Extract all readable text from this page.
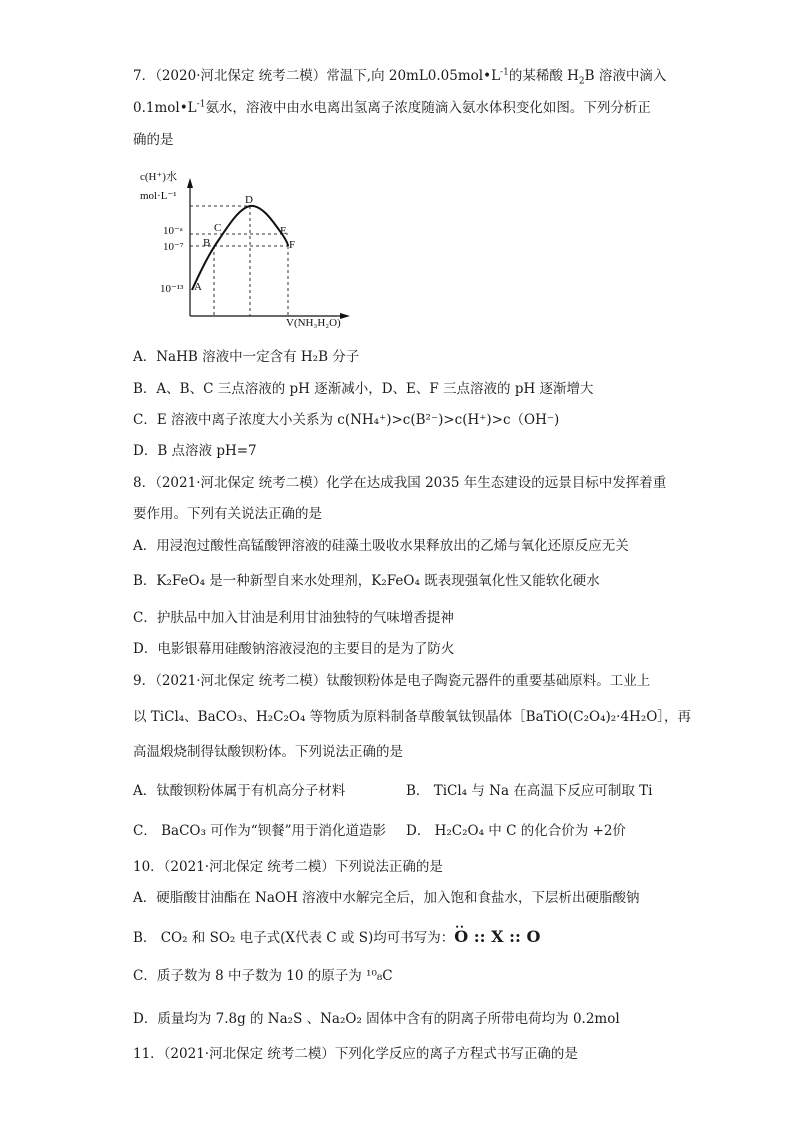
7．（2020·河北保定 统考二模）常温下,向 $20mL0.05mol•L^{-1}$的某稀酸 $H_2B$ 溶液中滴入
$0.1mol•L^{-1}$氨水，溶液中由水电离出氢离子浓度随滴入氨水体积变化如图。下列分析正
确的是
c(H⁺)水
mol·L⁻¹
10⁻ᵃ
10⁻⁷
10⁻¹³
V(NH₃H₂O)
A
B
C
D
E
F
A．NaHB 溶液中一定含有 H₂B 分子
B．A、B、C 三点溶液的 pH 逐渐减小，D、E、F 三点溶液的 pH 逐渐增大
C．E 溶液中离子浓度大小关系为 c(NH₄⁺)>c(B²⁻)>c(H⁺)>c（OH⁻)
D．B 点溶液 pH=7
8．（2021·河北保定 统考二模）化学在达成我国 2035 年生态建设的远景目标中发挥着重
要作用。下列有关说法正确的是
A．用浸泡过酸性高锰酸钾溶液的硅藻土吸收水果释放出的乙烯与氧化还原反应无关
B．K₂FeO₄ 是一种新型自来水处理剂，K₂FeO₄ 既表现强氧化性又能软化硬水
C．护肤品中加入甘油是利用甘油独特的气味增香提神
D．电影银幕用硅酸钠溶液浸泡的主要目的是为了防火
9．（2021·河北保定 统考二模）钛酸钡粉体是电子陶瓷元器件的重要基础原料。工业上
以 TiCl₄、BaCO₃、H₂C₂O₄ 等物质为原料制备草酸氧钛钡晶体［BaTiO(C₂O₄)₂·4H₂O］，再
高温煅烧制得钛酸钡粉体。下列说法正确的是
A．钛酸钡粉体属于有机高分子材料	B． TiCl₄ 与 Na 在高温下反应可制取 Ti
C． BaCO₃ 可作为“钡餐”用于消化道造影 D． H₂C₂O₄ 中 C 的化合价为 +2价
10．（2021·河北保定 统考二模）下列说法正确的是
A．硬脂酸甘油酯在 NaOH 溶液中水解完全后，加入饱和食盐水，下层析出硬脂酸钠
B． CO₂ 和 SO₂ 电子式(X代表 C 或 S)均可书写为：•• O :: X :: O
C．质子数为 8 中子数为 10 的原子为 ¹⁰₈C
D．质量均为 7.8g 的 Na₂S 、Na₂O₂ 固体中含有的阴离子所带电荷均为 0.2mol
11．（2021·河北保定 统考二模）下列化学反应的离子方程式书写正确的是
